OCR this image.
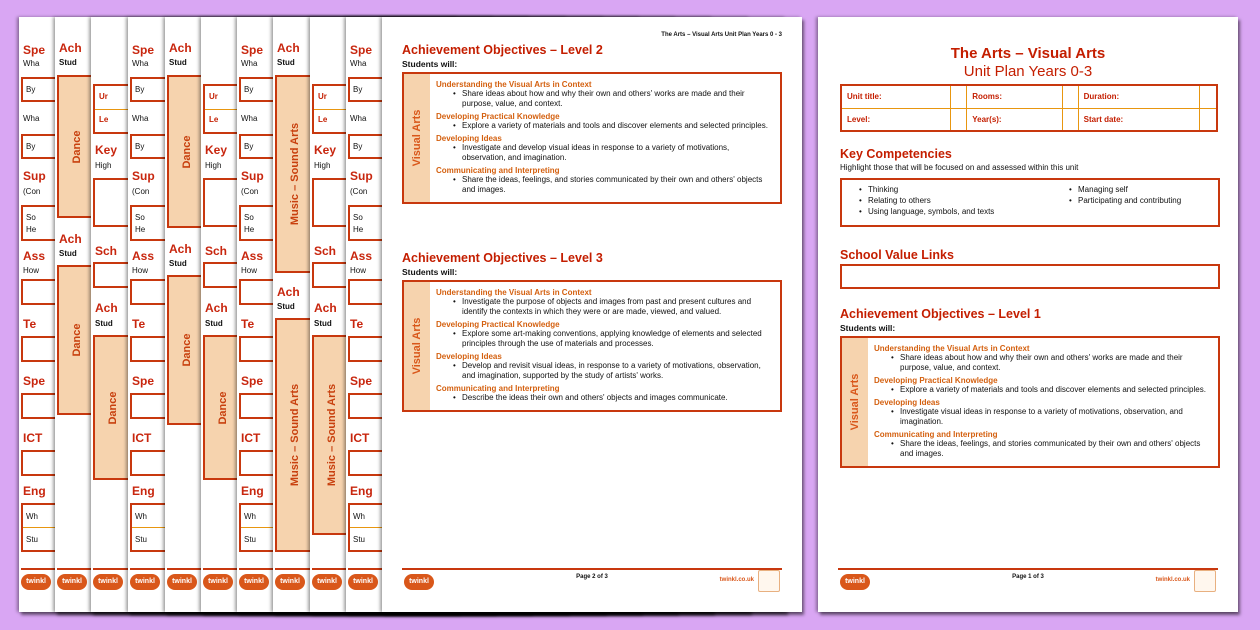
Spe
Wha
By
Wha
By
Sup
(Con
So
He
Ass
How
Te
Spe
ICT
Eng
Wh
Stu
twinkl
Ach
Stud
Dance
Ach
Stud
Dance
twinkl
Ur
Le
Key
High
Sch
Ach
Stud
Dance
twinkl
Spe
Wha
By
Wha
By
Sup
(Con
So
He
Ass
How
Te
Spe
ICT
Eng
Wh
Stu
twinkl
Ach
Stud
Dance
Ach
Stud
Dance
twinkl
Ur
Le
Key
High
Sch
Ach
Stud
Dance
twinkl
Spe
Wha
By
Wha
By
Sup
(Con
So
He
Ass
How
Te
Spe
ICT
Eng
Wh
Stu
twinkl
Ach
Stud
Music – Sound Arts
Ach
Stud
Music – Sound Arts
twinkl
Ur
Le
Key
High
Sch
Ach
Stud
Music – Sound Arts
twinkl
Spe
Wha
By
Wha
By
Sup
(Con
So
He
Ass
How
Te
Spe
ICT
Eng
Wh
Stu
twinkl
The Arts – Visual Arts Unit Plan Years 0 - 3
Achievement Objectives – Level 2
Students will:
Visual Arts
Understanding the Visual Arts in Context
• Share ideas about how and why their own and others' works are made and their purpose, value, and context.
Developing Practical Knowledge
• Explore a variety of materials and tools and discover elements and selected principles.
Developing Ideas
• Investigate and develop visual ideas in response to a variety of motivations, observation, and imagination.
Communicating and Interpreting
• Share the ideas, feelings, and stories communicated by their own and others' objects and images.
Achievement Objectives – Level 3
Students will:
Visual Arts
Understanding the Visual Arts in Context
• Investigate the purpose of objects and images from past and present cultures and identify the contexts in which they were or are made, viewed, and valued.
Developing Practical Knowledge
• Explore some art-making conventions, applying knowledge of elements and selected principles through the use of materials and processes.
Developing Ideas
• Develop and revisit visual ideas, in response to a variety of motivations, observation, and imagination, supported by the study of artists' works.
Communicating and Interpreting
• Describe the ideas their own and others' objects and images communicate.
twinkl
Page 2 of 3	twinkl.co.uk
The Arts – Visual Arts
Unit Plan Years 0-3
Unit title:		Rooms:		Duration:	
Level:		Year(s):		Start date:	
Key Competencies
Highlight those that will be focused on and assessed within this unit
• Thinking
• Relating to others
• Using language, symbols, and texts
• Managing self
• Participating and contributing
School Value Links
Achievement Objectives – Level 1
Students will:
Visual Arts
Understanding the Visual Arts in Context
• Share ideas about how and why their own and others' works are made and their purpose, value, and context.
Developing Practical Knowledge
• Explore a variety of materials and tools and discover elements and selected principles.
Developing Ideas
• Investigate visual ideas in response to a variety of motivations, observation, and imagination.
Communicating and Interpreting
• Share the ideas, feelings, and stories communicated by their own and others' objects and images.
twinkl
Page 1 of 3	twinkl.co.uk
